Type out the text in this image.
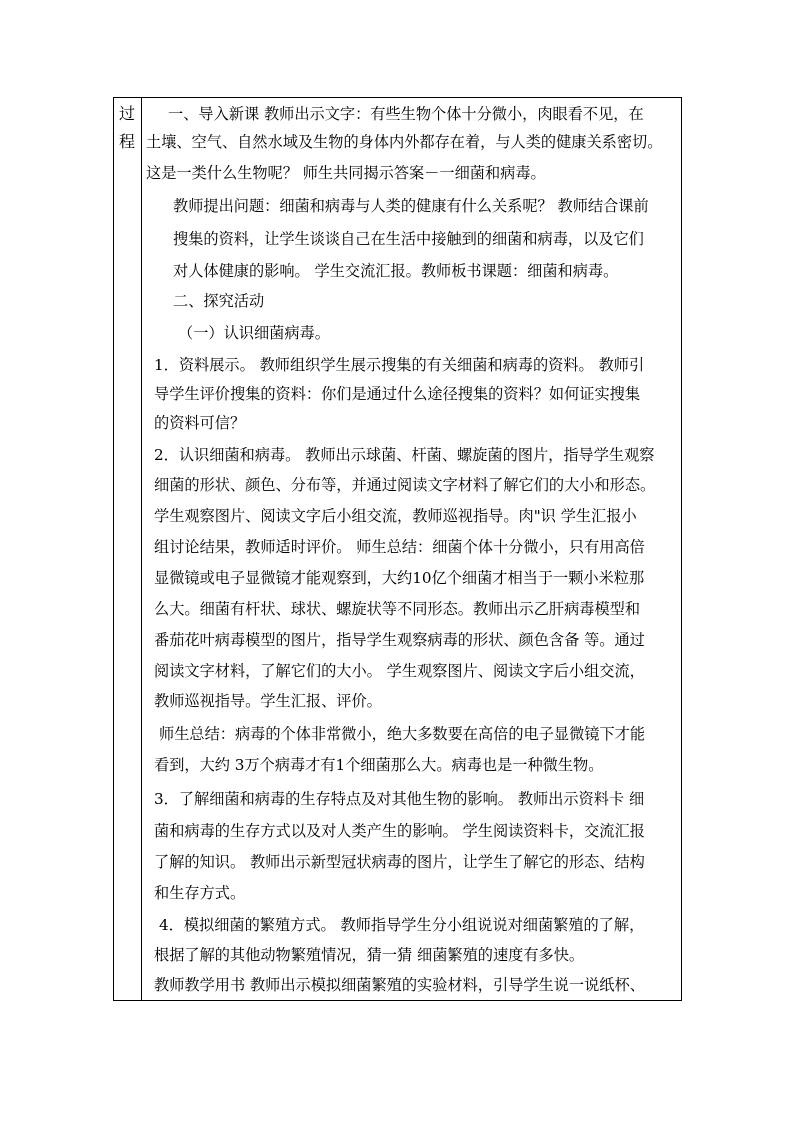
过
程
一、导入新课 教师出示文字：有些生物个体十分微小，肉眼看不见，在
土壤、空气、自然水域及生物的身体内外都存在着，与人类的健康关系密切。
这是一类什么生物呢？ 师生共同揭示答案－一细菌和病毒。
教师提出问题：细菌和病毒与人类的健康有什么关系呢？ 教师结合课前
搜集的资料，让学生谈谈自己在生活中接触到的细菌和病毒，以及它们
对人体健康的影响。 学生交流汇报。教师板书课题：细菌和病毒。
二、探究活动
（一）认识细菌病毒。
1．资料展示。 教师组织学生展示搜集的有关细菌和病毒的资料。 教师引
导学生评价搜集的资料：你们是通过什么途径搜集的资料？如何证实搜集
的资料可信？
2．认识细菌和病毒。 教师出示球菌、杆菌、螺旋菌的图片，指导学生观察
细菌的形状、颜色、分布等，并通过阅读文字材料了解它们的大小和形态。
学生观察图片、阅读文字后小组交流，教师巡视指导。肉"识 学生汇报小
组讨论结果，教师适时评价。 师生总结：细菌个体十分微小，只有用高倍
显微镜或电子显微镜才能观察到，大约10亿个细菌才相当于一颗小米粒那
么大。细菌有杆状、球状、螺旋状等不同形态。教师出示乙肝病毒模型和
番茄花叶病毒模型的图片，指导学生观察病毒的形状、颜色含备 等。通过
阅读文字材料，了解它们的大小。 学生观察图片、阅读文字后小组交流，
教师巡视指导。学生汇报、评价。
师生总结：病毒的个体非常微小，绝大多数要在高倍的电子显微镜下才能
看到，大约 3万个病毒才有1个细菌那么大。病毒也是一种微生物。
3．了解细菌和病毒的生存特点及对其他生物的影响。 教师出示资料卡 细
菌和病毒的生存方式以及对人类产生的影响。 学生阅读资料卡，交流汇报
了解的知识。 教师出示新型冠状病毒的图片，让学生了解它的形态、结构
和生存方式。
4．模拟细菌的繁殖方式。 教师指导学生分小组说说对细菌繁殖的了解，
根据了解的其他动物繁殖情况，猜一猜 细菌繁殖的速度有多快。
教师教学用书 教师出示模拟细菌繁殖的实验材料，引导学生说一说纸杯、
